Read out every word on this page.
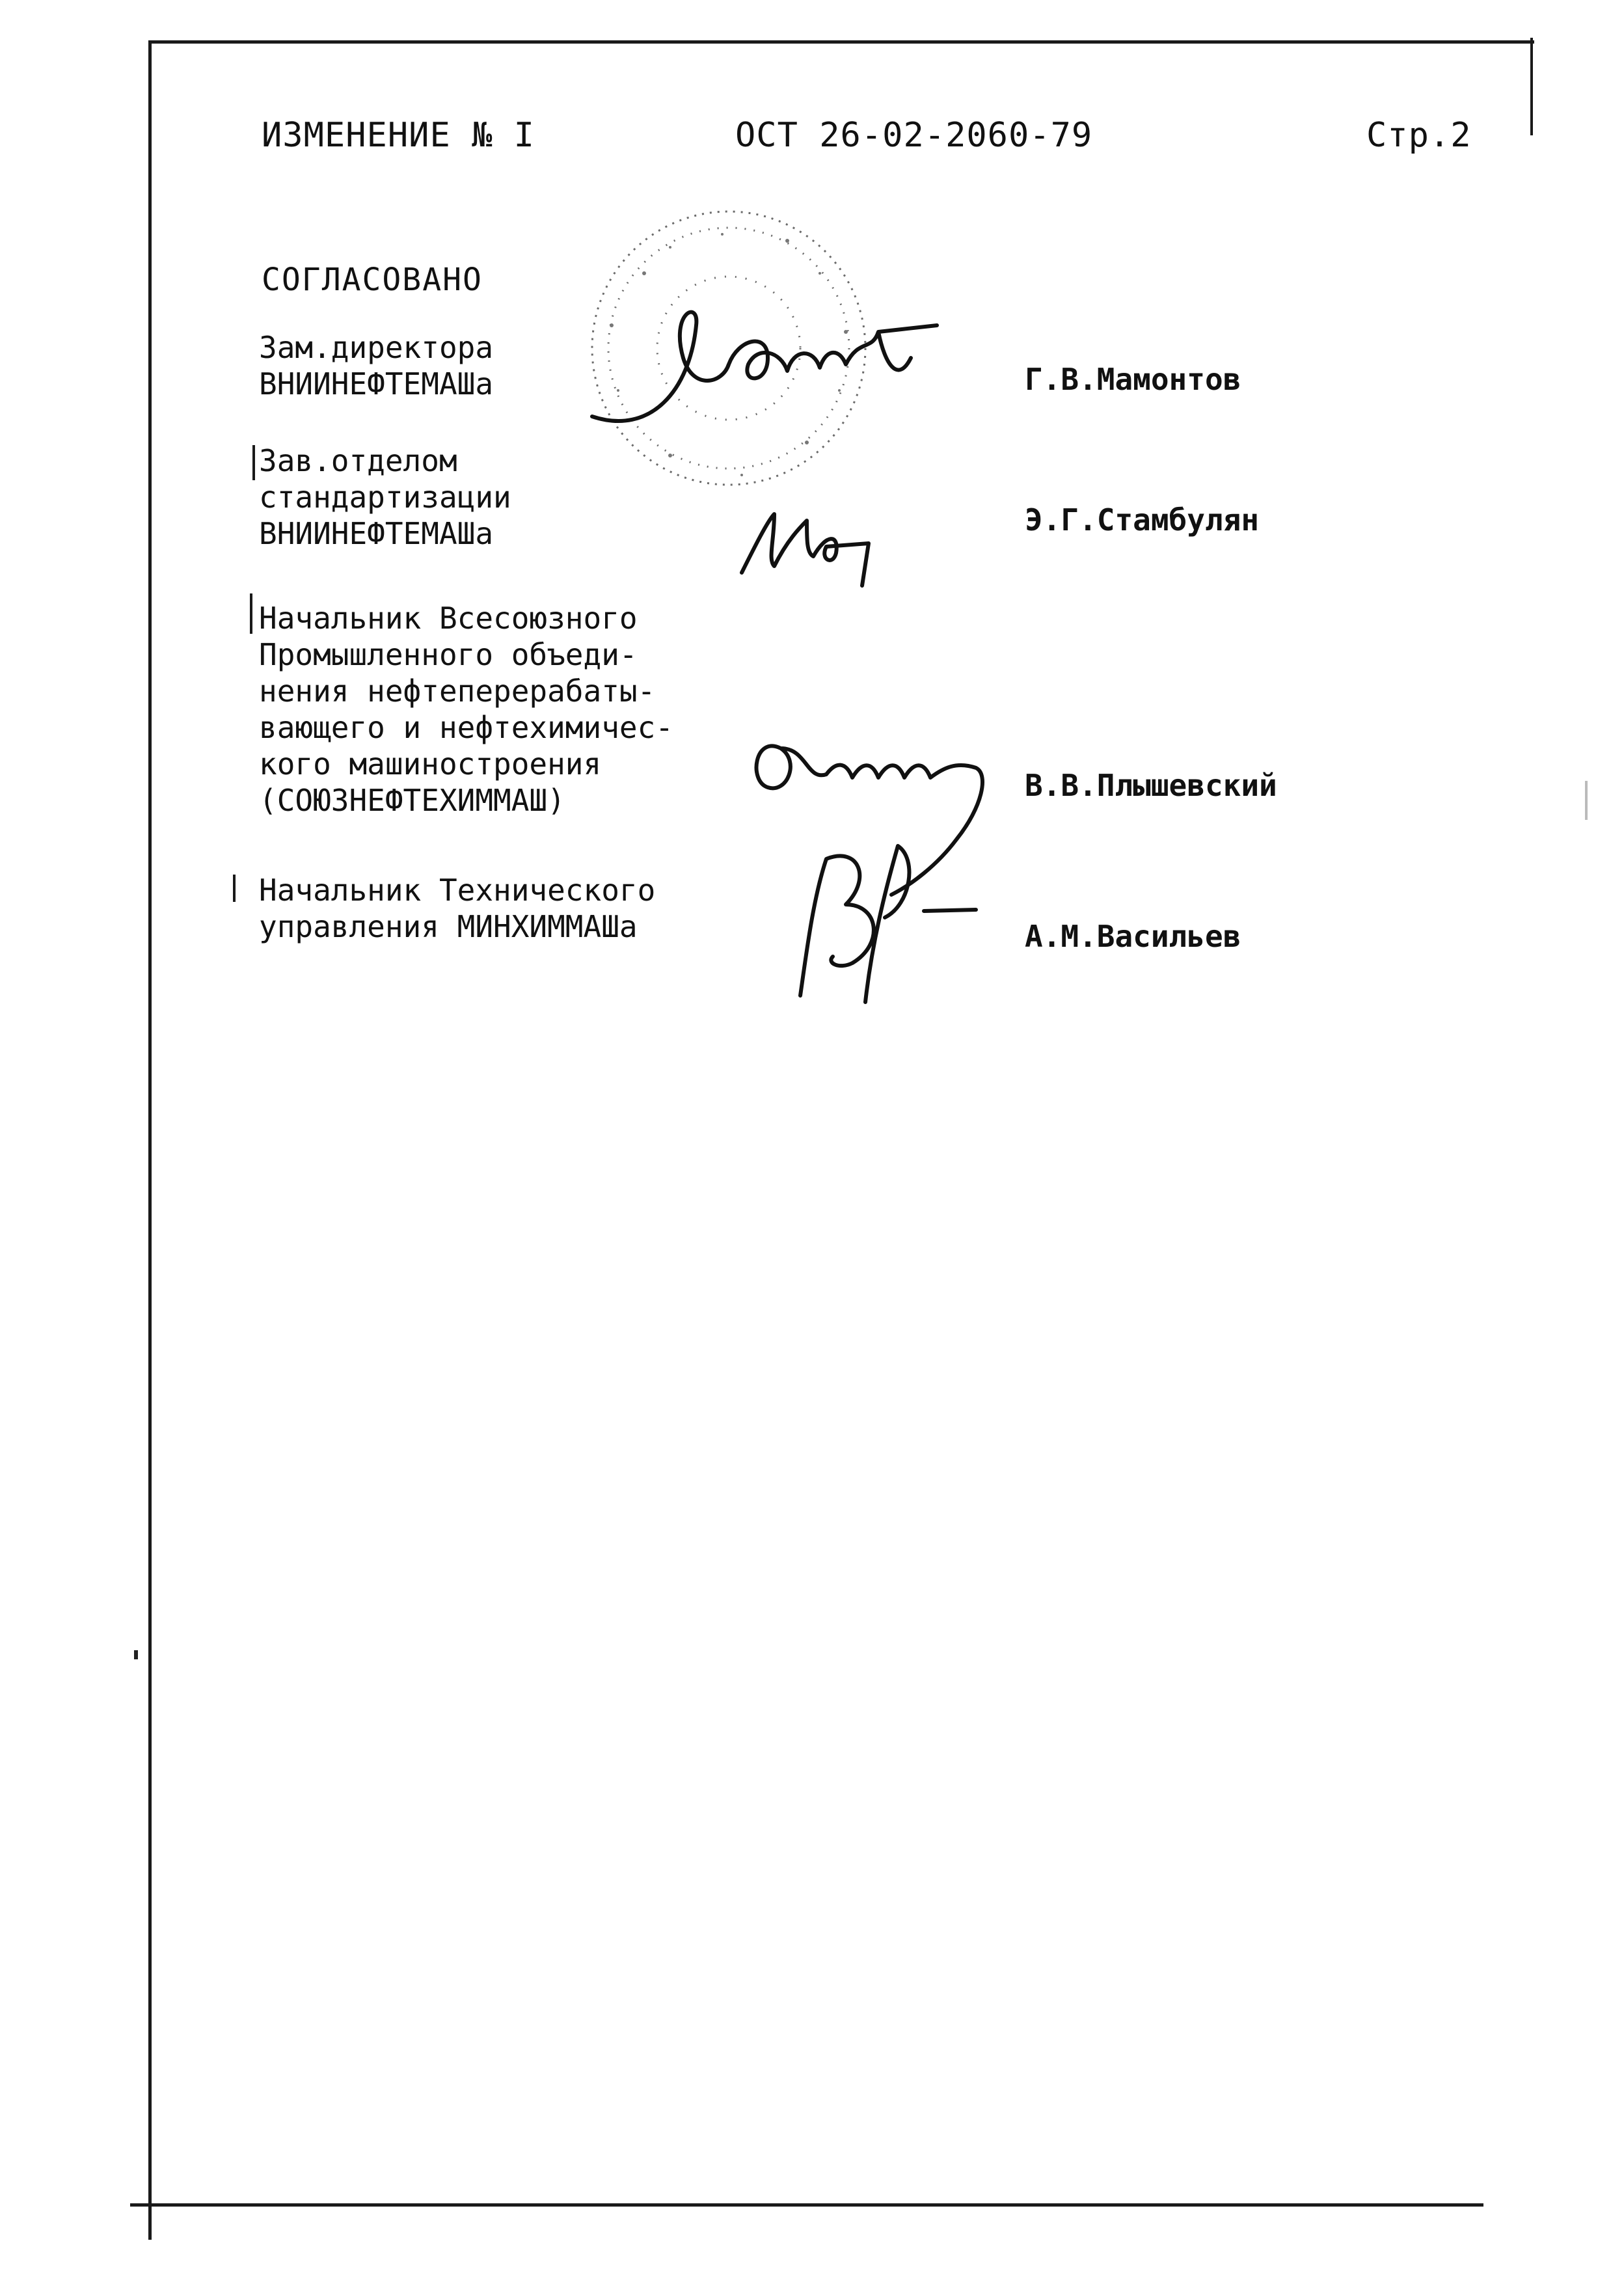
ИЗМЕНЕНИЕ № I	ОСТ 26-02-2060-79	Стр.2
СОГЛАСОВАНО
Зам.директора
ВНИИНЕФТЕМАШа	Г.В.Мамонтов
Зав.отделом
стандартизации
ВНИИНЕФТЕМАШа	Э.Г.Стамбулян
Начальник Всесоюзного
Промышленного объеди-
нения нефтеперерабаты-
вающего и нефтехимичес-
кого машиностроения
(СОЮЗНЕФТЕХИММАШ)	В.В.Плышевский
Начальник Технического
управления МИНХИММАШа	А.М.Васильев
